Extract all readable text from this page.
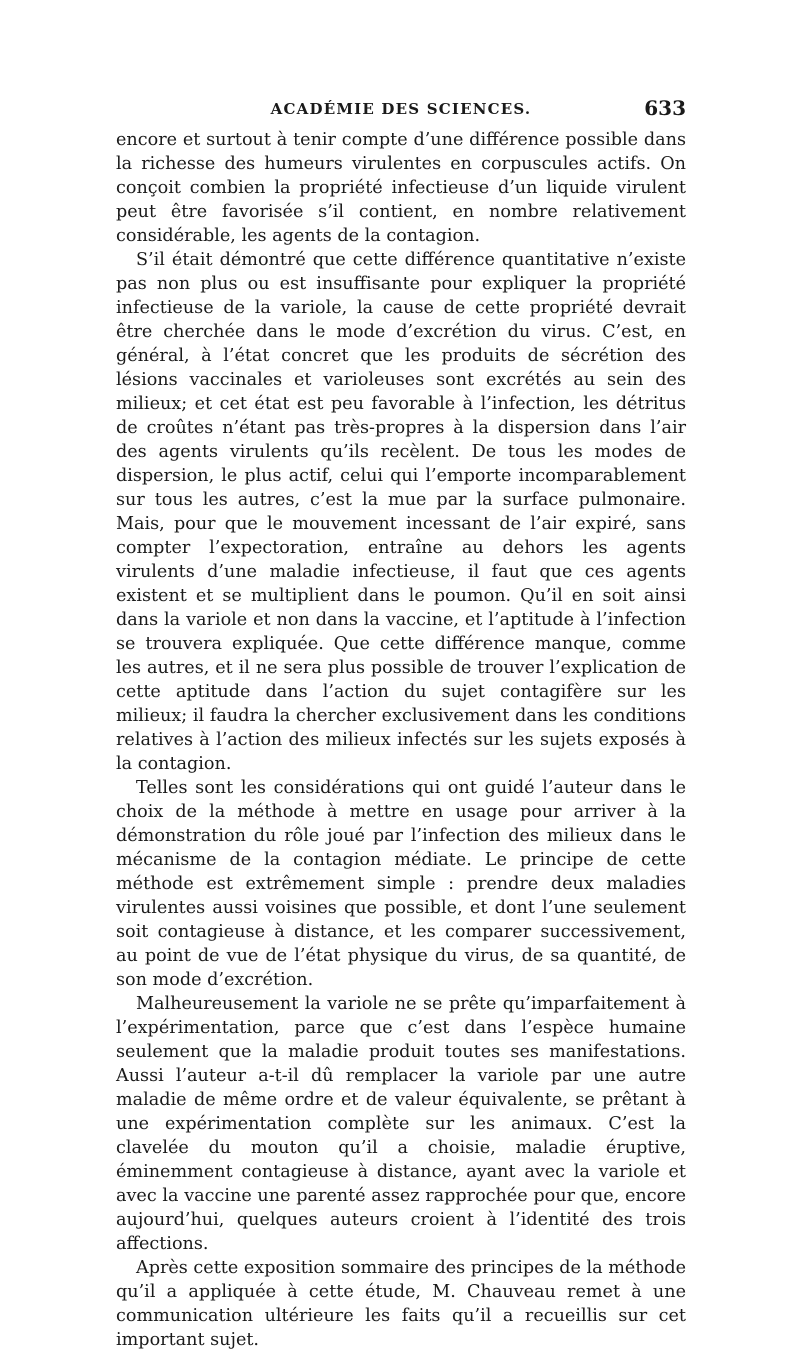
ACADÉMIE DES SCIENCES.	633

encore et surtout à tenir compte d’une différence possible dans la richesse des humeurs virulentes en corpuscules actifs. On conçoit combien la propriété infectieuse d’un liquide virulent peut être favorisée s’il contient, en nombre relativement considérable, les agents de la contagion.

S’il était démontré que cette différence quantitative n’existe pas non plus ou est insuffisante pour expliquer la propriété infectieuse de la variole, la cause de cette propriété devrait être cherchée dans le mode d’excrétion du virus. C’est, en général, à l’état concret que les produits de sécrétion des lésions vaccinales et varioleuses sont excrétés au sein des milieux; et cet état est peu favorable à l’infection, les détritus de croûtes n’étant pas très-propres à la dispersion dans l’air des agents virulents qu’ils recèlent. De tous les modes de dispersion, le plus actif, celui qui l’emporte incomparablement sur tous les autres, c’est la mue par la surface pulmonaire. Mais, pour que le mouvement incessant de l’air expiré, sans compter l’expectoration, entraîne au dehors les agents virulents d’une maladie infectieuse, il faut que ces agents existent et se multiplient dans le poumon. Qu’il en soit ainsi dans la variole et non dans la vaccine, et l’aptitude à l’infection se trouvera expliquée. Que cette différence manque, comme les autres, et il ne sera plus possible de trouver l’explication de cette aptitude dans l’action du sujet contagifère sur les milieux; il faudra la chercher exclusivement dans les conditions relatives à l’action des milieux infectés sur les sujets exposés à la contagion.

Telles sont les considérations qui ont guidé l’auteur dans le choix de la méthode à mettre en usage pour arriver à la démonstration du rôle joué par l’infection des milieux dans le mécanisme de la contagion médiate. Le principe de cette méthode est extrêmement simple : prendre deux maladies virulentes aussi voisines que possible, et dont l’une seulement soit contagieuse à distance, et les comparer successivement, au point de vue de l’état physique du virus, de sa quantité, de son mode d’excrétion.

Malheureusement la variole ne se prête qu’imparfaitement à l’expérimentation, parce que c’est dans l’espèce humaine seulement que la maladie produit toutes ses manifestations. Aussi l’auteur a-t-il dû remplacer la variole par une autre maladie de même ordre et de valeur équivalente, se prêtant à une expérimentation complète sur les animaux. C’est la clavelée du mouton qu’il a choisie, maladie éruptive, éminemment contagieuse à distance, ayant avec la variole et avec la vaccine une parenté assez rapprochée pour que, encore aujourd’hui, quelques auteurs croient à l’identité des trois affections.

Après cette exposition sommaire des principes de la méthode qu’il a appliquée à cette étude, M. Chauveau remet à une communication ultérieure les faits qu’il a recueillis sur cet important sujet.
